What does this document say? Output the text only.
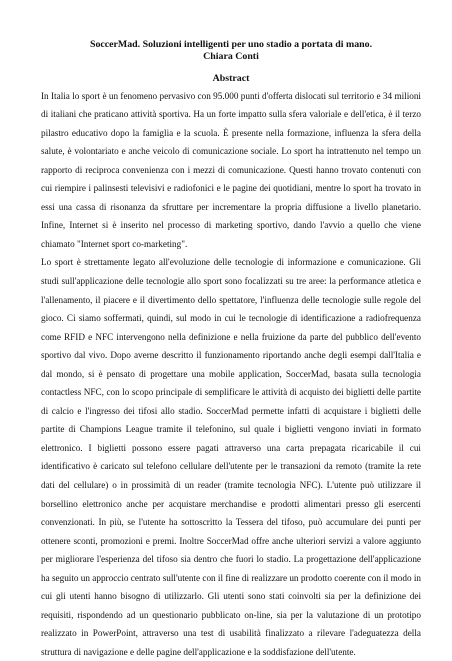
SoccerMad. Soluzioni intelligenti per uno stadio a portata di mano.

Chiara Conti

Abstract

In Italia lo sport è un fenomeno pervasivo con 95.000 punti d'offerta dislocati sul territorio e 34 milioni di italiani che praticano attività sportiva. Ha un forte impatto sulla sfera valoriale e dell'etica, è il terzo pilastro educativo dopo la famiglia e la scuola. È presente nella formazione, influenza la sfera della salute, è volontariato e anche veicolo di comunicazione sociale. Lo sport ha intrattenuto nel tempo un rapporto di reciproca convenienza con i mezzi di comunicazione. Questi hanno trovato contenuti con cui riempire i palinsesti televisivi e radiofonici e le pagine dei quotidiani, mentre lo sport ha trovato in essi una cassa di risonanza da sfruttare per incrementare la propria diffusione a livello planetario. Infine, Internet si è inserito nel processo di marketing sportivo, dando l'avvio a quello che viene chiamato "Internet sport co-marketing".

Lo sport è strettamente legato all'evoluzione delle tecnologie di informazione e comunicazione. Gli studi sull'applicazione delle tecnologie allo sport sono focalizzati su tre aree: la performance atletica e l'allenamento, il piacere e il divertimento dello spettatore, l'influenza delle tecnologie sulle regole del gioco. Ci siamo soffermati, quindi, sul modo in cui le tecnologie di identificazione a radiofrequenza come RFID e NFC intervengono nella definizione e nella fruizione da parte del pubblico dell'evento sportivo dal vivo. Dopo averne descritto il funzionamento riportando anche degli esempi dall'Italia e dal mondo, si è pensato di progettare una mobile application, SoccerMad, basata sulla tecnologia contactless NFC, con lo scopo principale di semplificare le attività di acquisto dei biglietti delle partite di calcio e l'ingresso dei tifosi allo stadio. SoccerMad permette infatti di acquistare i biglietti delle partite di Champions League tramite il telefonino, sul quale i biglietti vengono inviati in formato elettronico. I biglietti possono essere pagati attraverso una carta prepagata ricaricabile il cui identificativo è caricato sul telefono cellulare dell'utente per le transazioni da remoto (tramite la rete dati del cellulare) o in prossimità di un reader (tramite tecnologia NFC). L'utente può utilizzare il borsellino elettronico anche per acquistare merchandise e prodotti alimentari presso gli esercenti convenzionati. In più, se l'utente ha sottoscritto la Tessera del tifoso, può accumulare dei punti per ottenere sconti, promozioni e premi. Inoltre SoccerMad offre anche ulteriori servizi a valore aggiunto per migliorare l'esperienza del tifoso sia dentro che fuori lo stadio. La progettazione dell'applicazione ha seguito un approccio centrato sull'utente con il fine di realizzare un prodotto coerente con il modo in cui gli utenti hanno bisogno di utilizzarlo. Gli utenti sono stati coinvolti sia per la definizione dei requisiti, rispondendo ad un questionario pubblicato on-line, sia per la valutazione di un prototipo realizzato in PowerPoint, attraverso una test di usabilità finalizzato a rilevare l'adeguatezza della struttura di navigazione e delle pagine dell'applicazione e la soddisfazione dell'utente.
